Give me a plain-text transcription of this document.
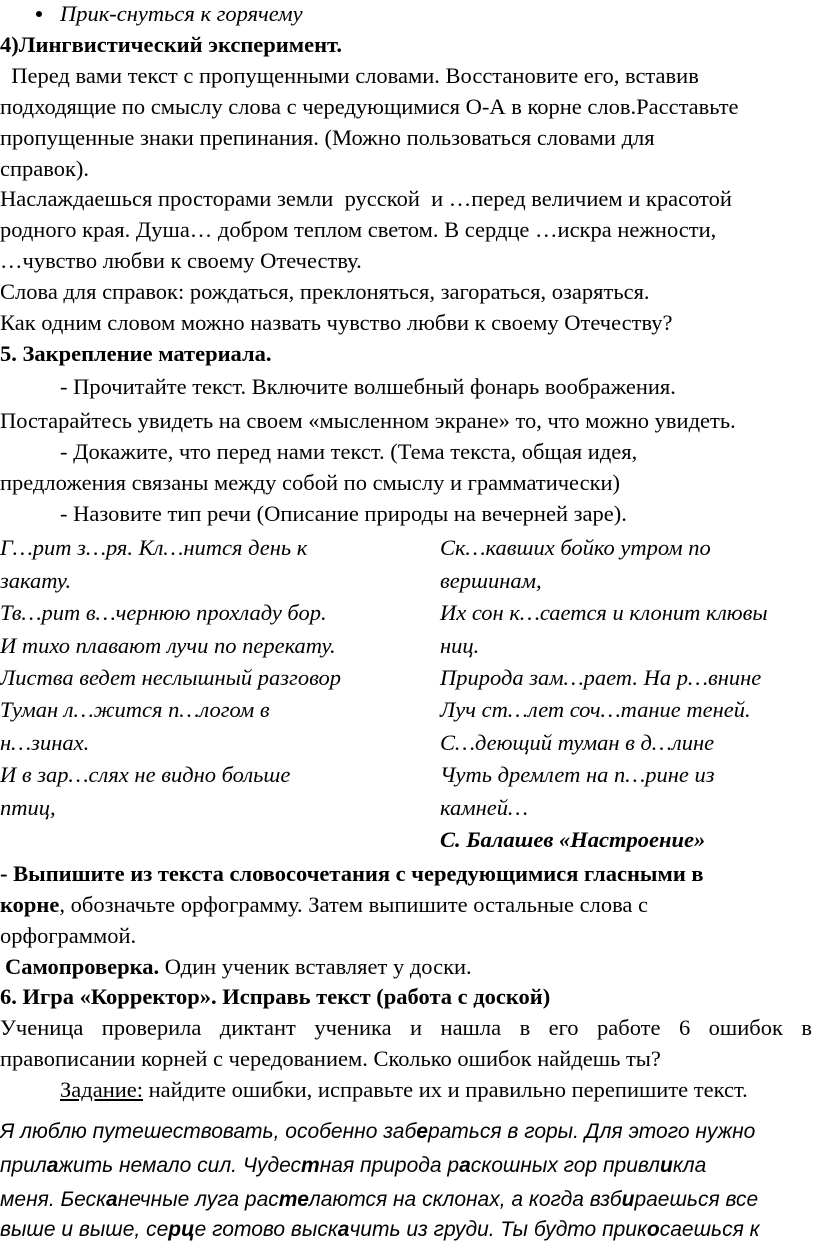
Прик-снуться к горячему
4)Лингвистический эксперимент.
Перед вами текст с пропущенными словами. Восстановите его, вставив
подходящие по смыслу слова с чередующимися О-А в корне слов.Расставьте
пропущенные знаки препинания. (Можно пользоваться словами для
справок).
Наслаждаешься просторами земли  русской  и …перед величием и красотой
родного края. Душа… добром теплом светом. В сердце …искра нежности,
…чувство любви к своему Отечеству.
Слова для справок: рождаться, преклоняться, загораться, озаряться.
Как одним словом можно назвать чувство любви к своему Отечеству?
5. Закрепление материала.
- Прочитайте текст. Включите волшебный фонарь воображения.
Постарайтесь увидеть на своем «мысленном экране» то, что можно увидеть.
- Докажите, что перед нами текст. (Тема текста, общая идея,
предложения связаны между собой по смыслу и грамматически)
- Назовите тип речи (Описание природы на вечерней заре).
Г…рит з…ря. Кл…нится день к
закату.
Тв…рит в…чернюю прохладу бор.
И тихо плавают лучи по перекату.
Листва ведет неслышный разговор
Туман л…жится п…логом в
н…зинах.
И в зар…слях не видно больше
птиц,
Ск…кавших бойко утром по
вершинам,
Их сон к…сается и клонит клювы
ниц.
Природа зам…рает. На р…внине
Луч ст…лет соч…тание теней.
С…деющий туман в д…лине
Чуть дремлет на п…рине из
камней…
С. Балашев «Настроение»
- Выпишите из текста словосочетания с чередующимися гласными в
корне, обозначьте орфограмму. Затем выпишите остальные слова с
орфограммой.
Самопроверка. Один ученик вставляет у доски.
6. Игра «Корректор». Исправь текст (работа с доской)
Ученица проверила диктант ученика и нашла в его работе 6 ошибок в
правописании корней с чередованием. Сколько ошибок найдешь ты?
Задание: найдите ошибки, исправьте их и правильно перепишите текст.
Я люблю путешествовать, особенно забераться в горы. Для этого нужно
прилажить немало сил. Чудестная природа раскошных гор привликла
меня. Бесканечные луга растелаются на склонах, а когда взбираешься все
выше и выше, серце готово выскачить из груди. Ты будто прикосаешься к
